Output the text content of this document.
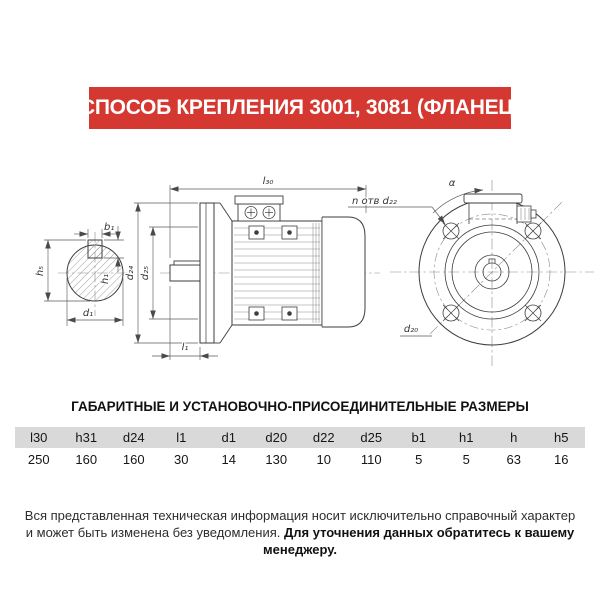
СПОСОБ КРЕПЛЕНИЯ 3001, 3081 (ФЛАНЕЦ)
b₁
h₅
h₁
d₁
l₃₀
d₂₄ d₂₅
l₁
n отв d₂₂
α
d₂₀
ГАБАРИТНЫЕ И УСТАНОВОЧНО-ПРИСОЕДИНИТЕЛЬНЫЕ РАЗМЕРЫ
l30	h31	d24	l1	d1	d20	d22	d25	b1	h1	h	h5
250	160	160	30	14	130	10	110	5	5	63	16
Вся представленная техническая информация носит исключительно справочный характер
и может быть изменена без уведомления. Для уточнения данных обратитесь к вашему менеджеру.
